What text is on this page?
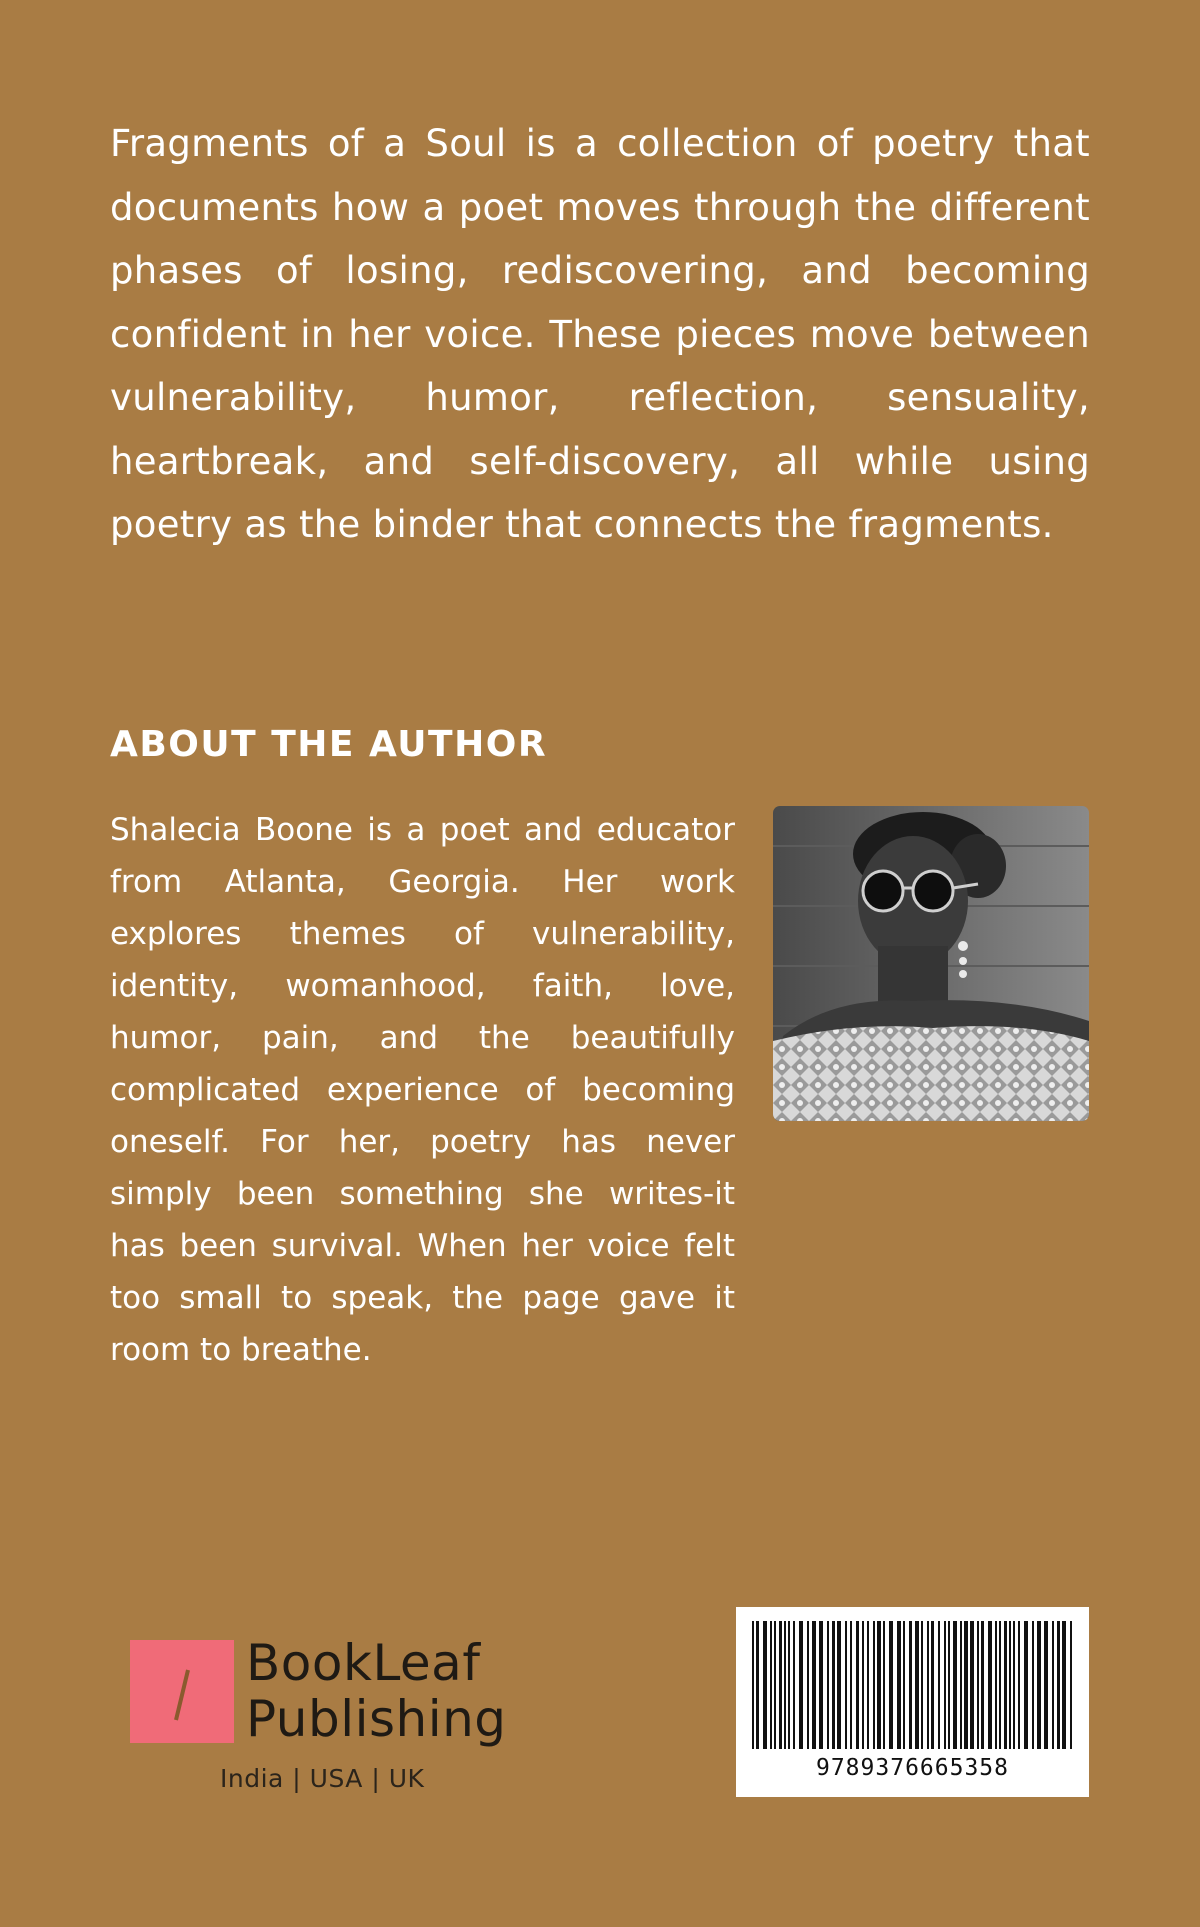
Fragments of a Soul is a collection of poetry that documents how a poet moves through the different phases of losing, rediscovering, and becoming confident in her voice. These pieces move between vulnerability, humor, reflection, sensuality, heartbreak, and self-discovery, all while using poetry as the binder that connects the fragments.

ABOUT THE AUTHOR

Shalecia Boone is a poet and educator from Atlanta, Georgia. Her work explores themes of vulnerability, identity, womanhood, faith, love, humor, pain, and the beautifully complicated experience of becoming oneself. For her, poetry has never simply been something she writes-it has been survival. When her voice felt too small to speak, the page gave it room to breathe.

BookLeaf

Publishing

India | USA | UK	9789376665358
